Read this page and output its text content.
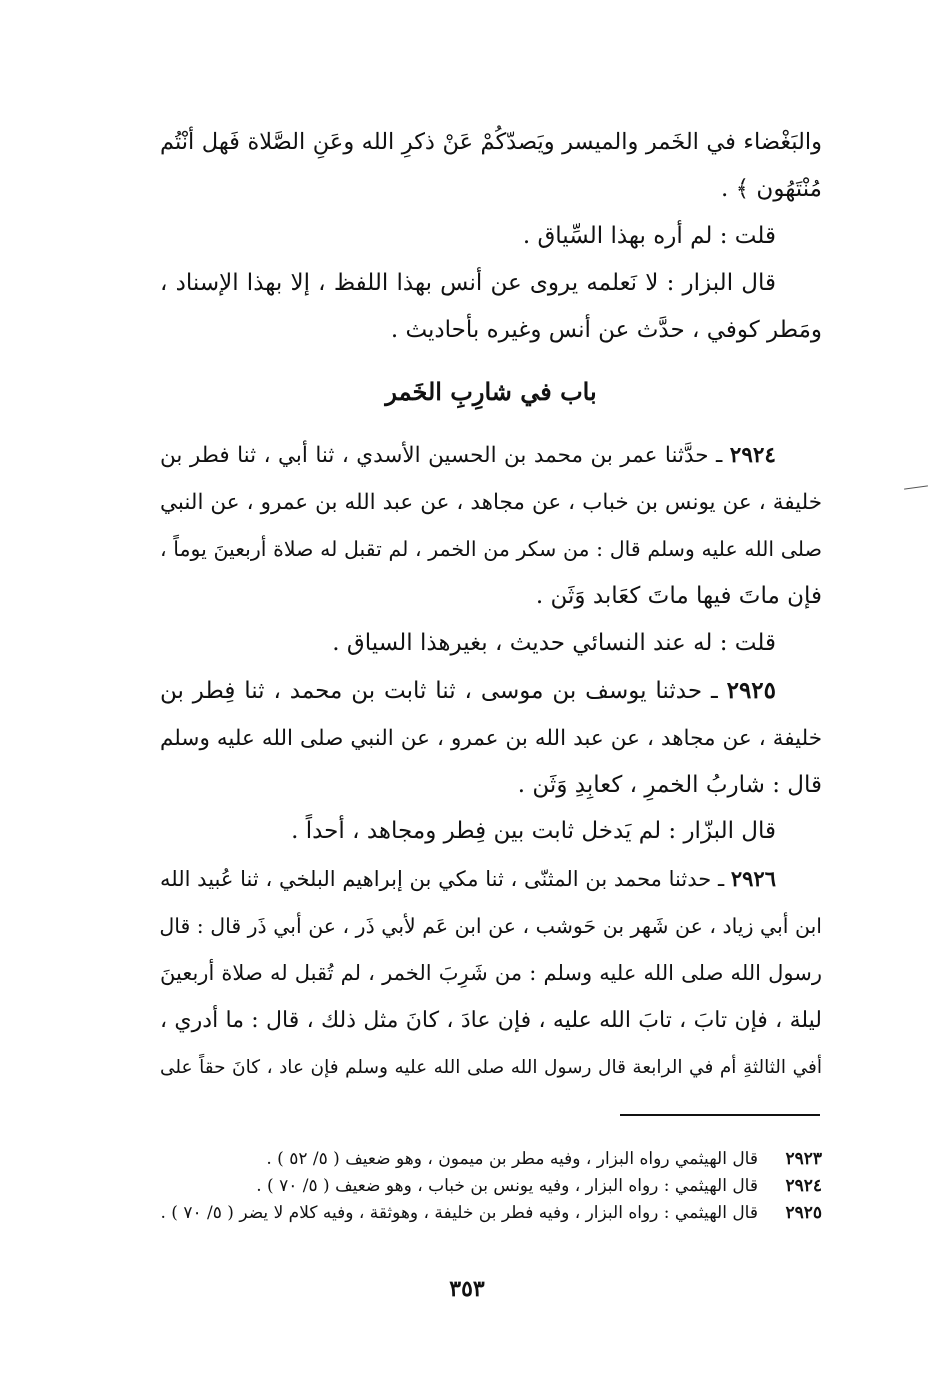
والبَغْضاء في الخَمر والميسر ويَصدّكُمْ عَنْ ذكرِ الله وعَنِ الصَّلاة فَهل أنْتُم
مُنْتَهُون ﴾ .
قلت : لم أره بهذا السِّياق .
قال البزار : لا نَعلمه يروى عن أنس بهذا اللفظ ، إلا بهذا الإسناد ،
ومَطر كوفي ، حدَّث عن أنس وغيره بأحاديث .
باب في شارِبِ الخَمر
٢٩٢٤ ـ حدَّثنا عمر بن محمد بن الحسين الأسدي ، ثنا أبي ، ثنا فطر بن
خليفة ، عن يونس بن خباب ، عن مجاهد ، عن عبد الله بن عمرو ، عن النبي
صلى الله عليه وسلم قال : من سكر من الخمر ، لم تقبل له صلاة أربعينَ يوماً ،
فإن ماتَ فيها ماتَ كعَابد وَثَن .
قلت : له عند النسائي حديث ، بغيرهذا السياق .
٢٩٢٥ ـ حدثنا يوسف بن موسى ، ثنا ثابت بن محمد ، ثنا فِطر بن
خليفة ، عن مجاهد ، عن عبد الله بن عمرو ، عن النبي صلى الله عليه وسلم
قال : شاربُ الخمرِ ، كعابِدِ وَثَن .
قال البزّار : لم يَدخل ثابت بين فِطر ومجاهد ، أحداً .
٢٩٢٦ ـ حدثنا محمد بن المثنّى ، ثنا مكي بن إبراهيم البلخي ، ثنا عُبيد الله
ابن أبي زياد ، عن شَهر بن حَوشب ، عن ابن عَم لأبي ذَر ، عن أبي ذَر قال : قال
رسول الله صلى الله عليه وسلم : من شَرِبَ الخمر ، لم تُقبل له صلاة أربعينَ
ليلة ، فإن تابَ ، تابَ الله عليه ، فإن عادَ ، كانَ مثل ذلك ، قال : ما أدري ،
أفي الثالثةِ أم في الرابعة قال رسول الله صلى الله عليه وسلم فإن عاد ، كانَ حقاً على
٢٩٢٣قال الهيثمي رواه البزار ، وفيه مطر بن ميمون ، وهو ضعيف ( ٥/ ٥٢ ) .
٢٩٢٤قال الهيثمي : رواه البزار ، وفيه يونس بن خباب ، وهو ضعيف ( ٥/ ٧٠ ) .
٢٩٢٥قال الهيثمي : رواه البزار ، وفيه فطر بن خليفة ، وهوثقة ، وفيه كلام لا يضر ( ٥/ ٧٠ ) .
٣٥٣
